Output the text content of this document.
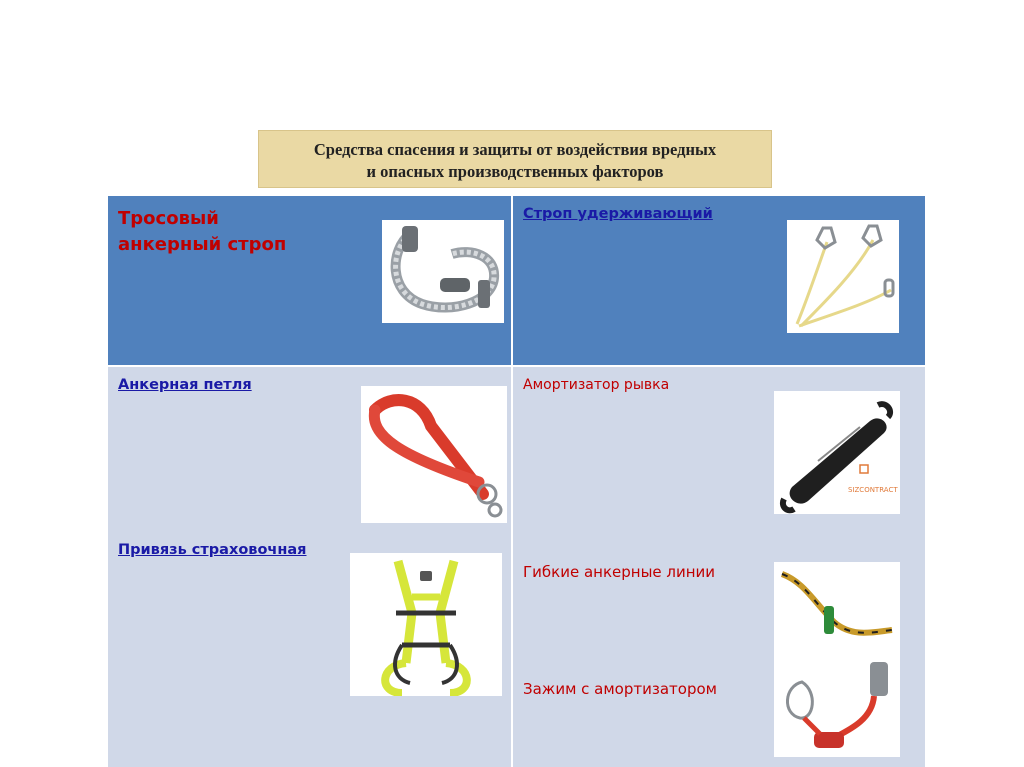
Средства спасения и защиты от воздействия вредных
и опасных производственных факторов
Тросовый
анкерный строп
Строп удерживающий
Анкерная петля
Привязь страховочная
Амортизатор рывка
SIZCONTRACT
Гибкие анкерные линии
Зажим с амортизатором
